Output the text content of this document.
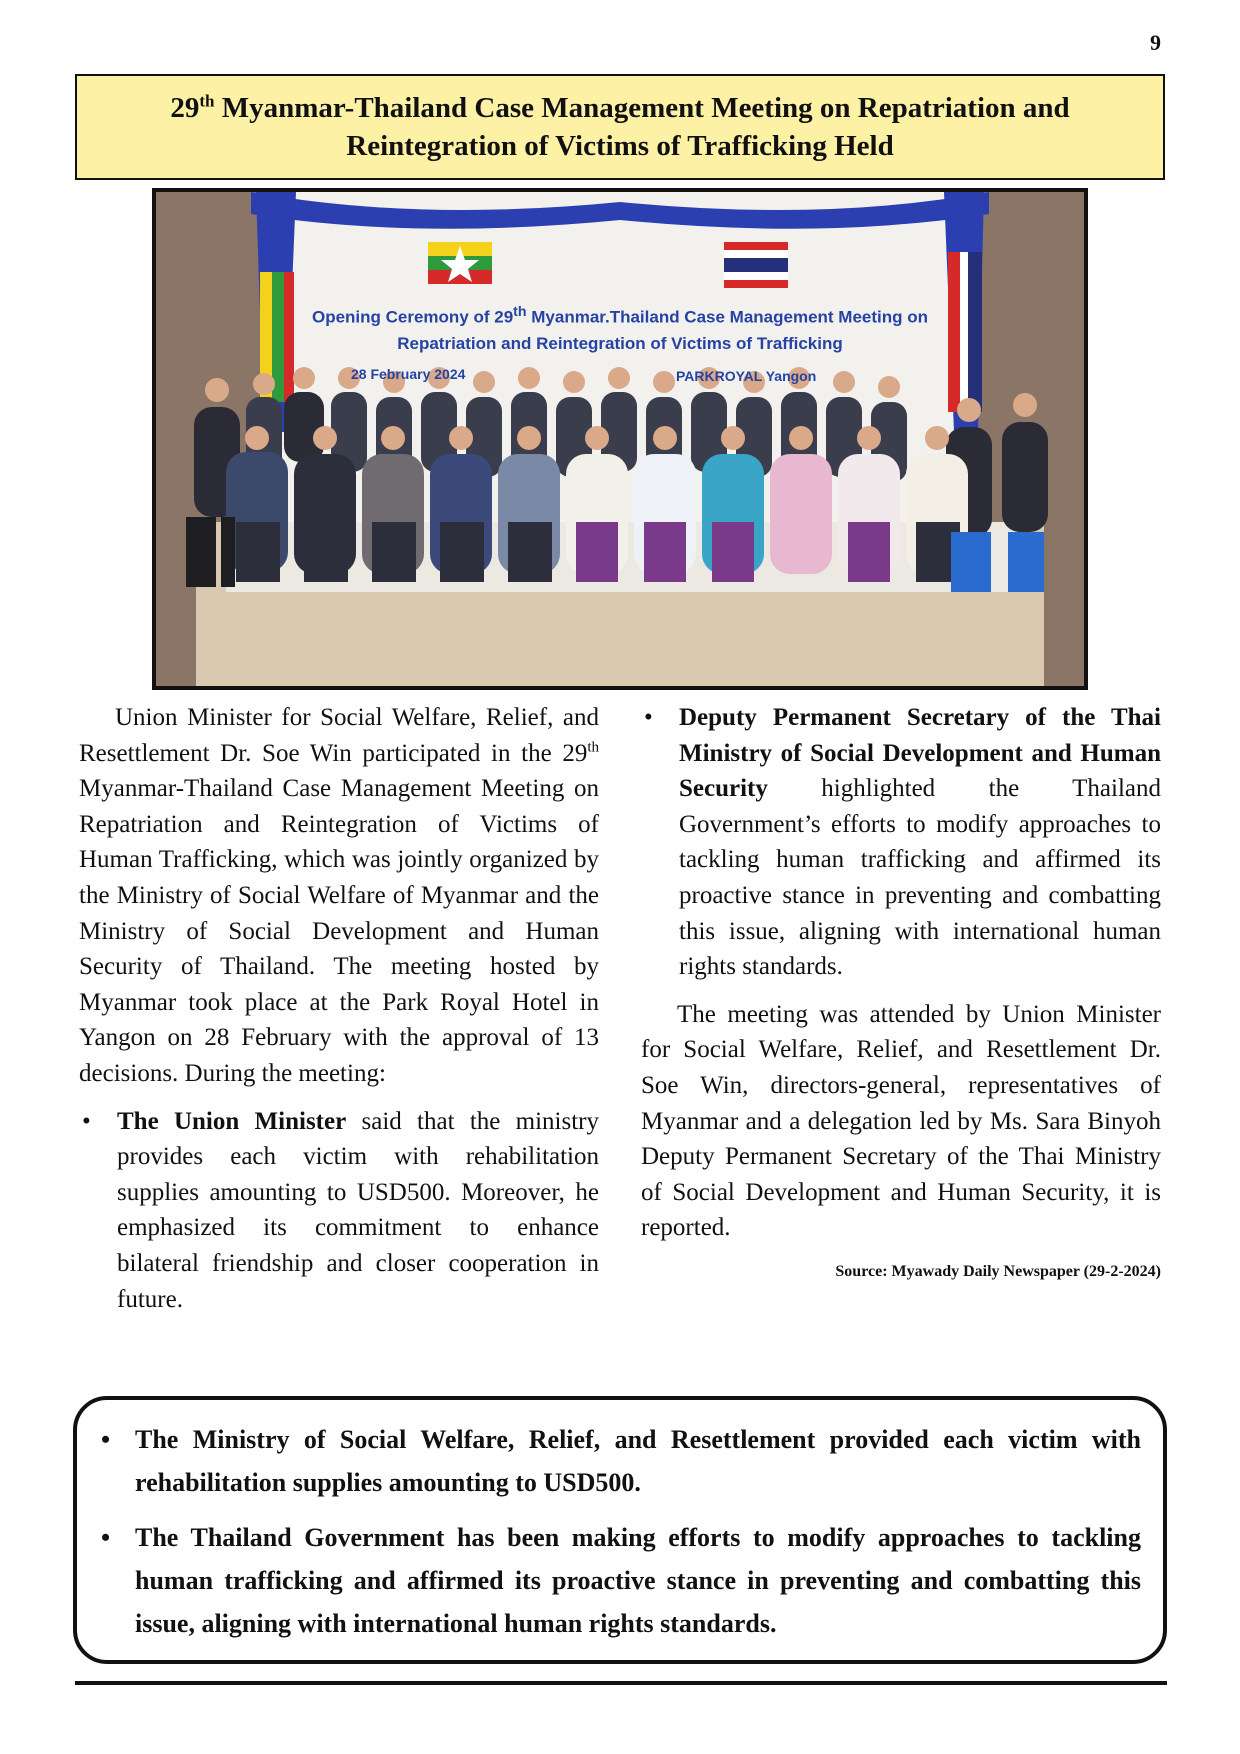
9
29th Myanmar-Thailand Case Management Meeting on Repatriation and
Reintegration of Victims of Trafficking Held
Opening Ceremony of 29th Myanmar.Thailand Case Management Meeting on
Repatriation and Reintegration of Victims of Trafficking
28 February 2024	PARKROYAL Yangon

Union Minister for Social Welfare, Relief, and Resettlement Dr. Soe Win participated in the 29th Myanmar-Thailand Case Management Meeting on Repatriation and Reintegration of Victims of Human Trafficking, which was jointly organized by the Ministry of Social Welfare of Myanmar and the Ministry of Social Development and Human Security of Thailand. The meeting hosted by Myanmar took place at the Park Royal Hotel in Yangon on 28 February with the approval of 13 decisions. During the meeting:

• The Union Minister said that the ministry provides each victim with rehabilitation supplies amounting to USD500. Moreover, he emphasized its commitment to enhance bilateral friendship and closer cooperation in future.
• Deputy Permanent Secretary of the Thai Ministry of Social Development and Human Security highlighted the Thailand Government’s efforts to modify approaches to tackling human trafficking and affirmed its proactive stance in preventing and combatting this issue, aligning with international human rights standards.

The meeting was attended by Union Minister for Social Welfare, Relief, and Resettlement Dr. Soe Win, directors-general, representatives of Myanmar and a delegation led by Ms. Sara Binyoh Deputy Permanent Secretary of the Thai Ministry of Social Development and Human Security, it is reported.

Source: Myawady Daily Newspaper (29-2-2024)
• The Ministry of Social Welfare, Relief, and Resettlement provided each victim with rehabilitation supplies amounting to USD500.
• The Thailand Government has been making efforts to modify approaches to tackling human trafficking and affirmed its proactive stance in preventing and combatting this issue, aligning with international human rights standards.
